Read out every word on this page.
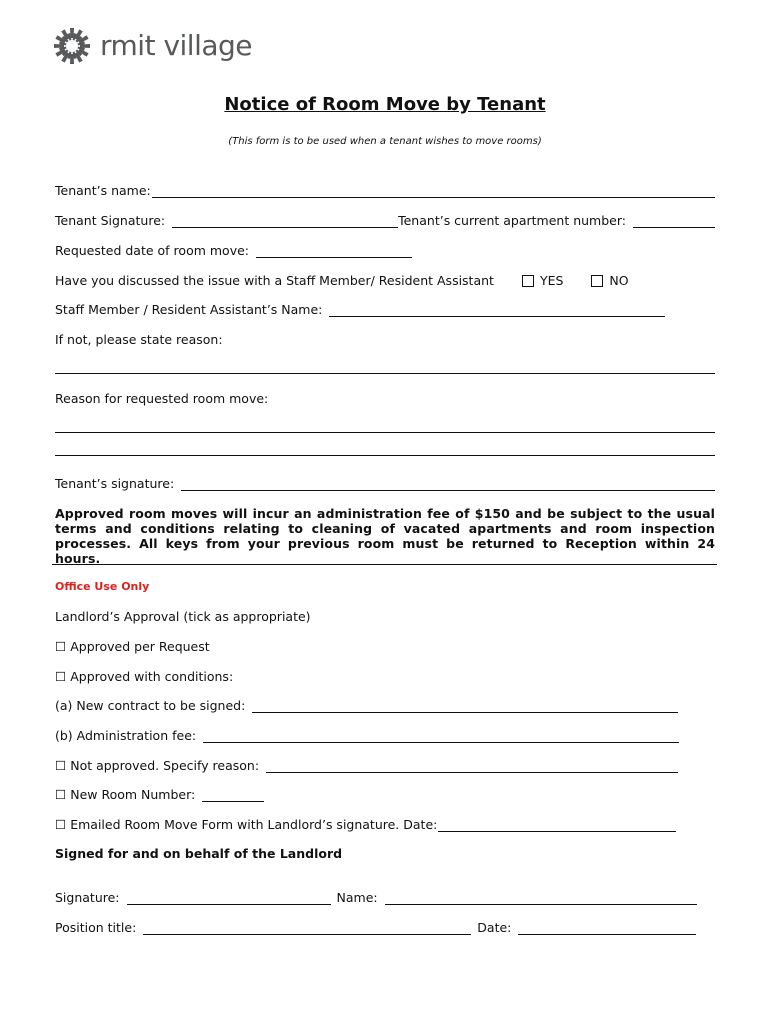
rmit village
Notice of Room Move by Tenant
(This form is to be used when a tenant wishes to move rooms)
Tenant’s name:
Tenant Signature:	Tenant’s current apartment number:
Requested date of room move:
Have you discussed the issue with a Staff Member/ Resident Assistant	YES	NO
Staff Member / Resident Assistant’s Name:
If not, please state reason:
Reason for requested room move:
Tenant’s signature:
Approved room moves will incur an administration fee of $150 and be subject to the usual terms and conditions relating to cleaning of vacated apartments and room inspection processes. All keys from your previous room must be returned to Reception within 24 hours.
Office Use Only
Landlord’s Approval (tick as appropriate)
☐ Approved per Request
☐ Approved with conditions:
(a) New contract to be signed:
(b) Administration fee:
☐ Not approved. Specify reason:
☐ New Room Number:
☐ Emailed Room Move Form with Landlord’s signature. Date:
Signed for and on behalf of the Landlord
Signature:	Name:
Position title:	Date:
